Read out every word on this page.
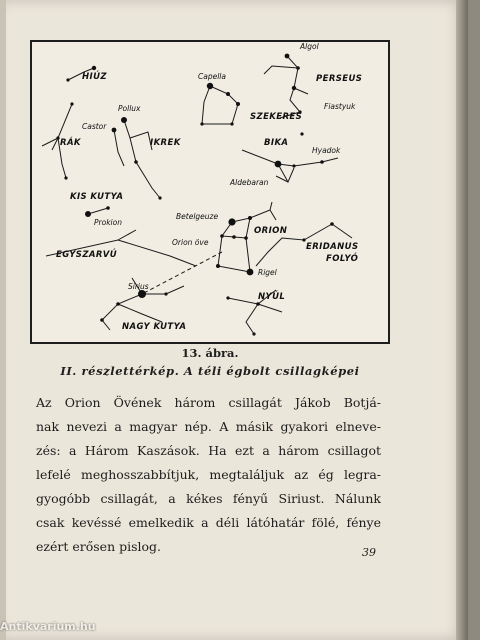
HIÚZ	PERSEUS
SZEKERES
RÁK	IKREK	BIKA
KIS KUTYA
ORION
ERIDANUS
FOLYÓ
EGYSZARVÚ
NYÚL
NAGY KUTYA
Algol
Capella
Fiastyuk
Pollux
Castor
Hyadok
Aldebaran
Prokion
Betelgeuze
Orion öve
Rigel
Sirius
13. ábra.
II. részlettérkép. A téli égbolt csillagképei
Az Orion Övének három csillagát Jákob Botjá-
nak nevezi a magyar nép. A másik gyakori elneve-
zés: a Három Kaszások. Ha ezt a három csillagot
lefelé meghosszabbítjuk, megtaláljuk az ég legra-
gyogóbb csillagát, a kékes fényű Siriust. Nálunk
csak kevéssé emelkedik a déli látóhatár fölé, fénye
ezért erősen pislog.	39
Antikvarium.hu
